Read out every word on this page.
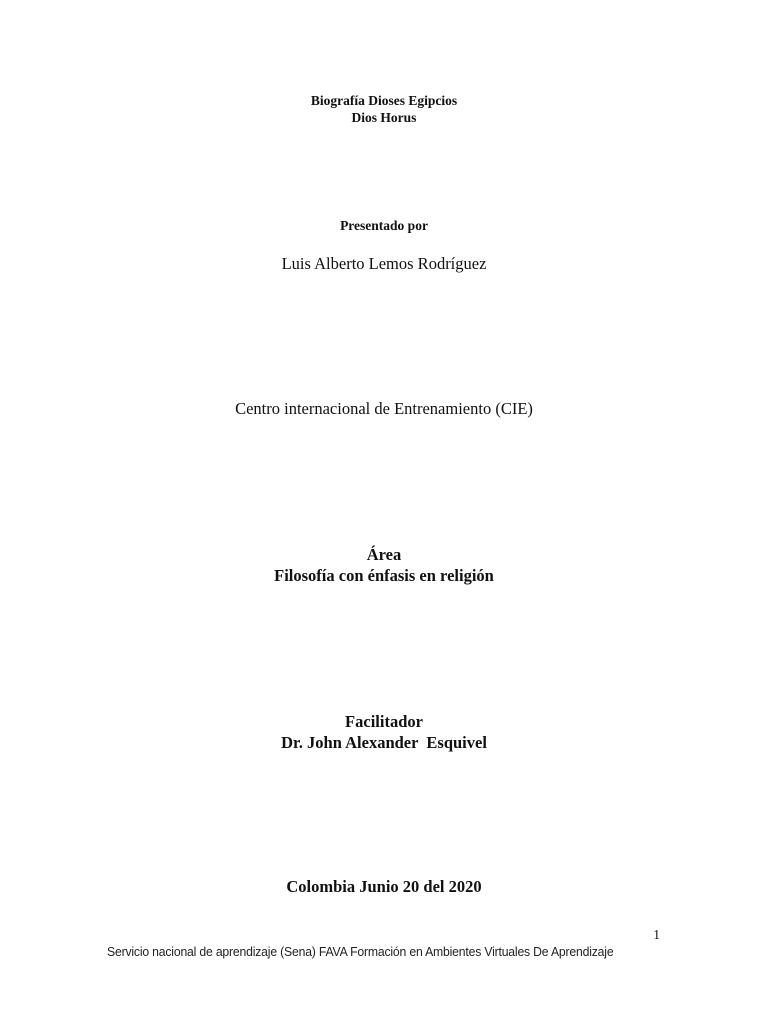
Biografía Dioses Egipcios
Dios Horus
Presentado por
Luis Alberto Lemos Rodríguez
Centro internacional de Entrenamiento (CIE)
Área
Filosofía con énfasis en religión
Facilitador
Dr. John Alexander  Esquivel
Colombia Junio 20 del 2020
1
Servicio nacional de aprendizaje (Sena) FAVA Formación en Ambientes Virtuales De Aprendizaje
